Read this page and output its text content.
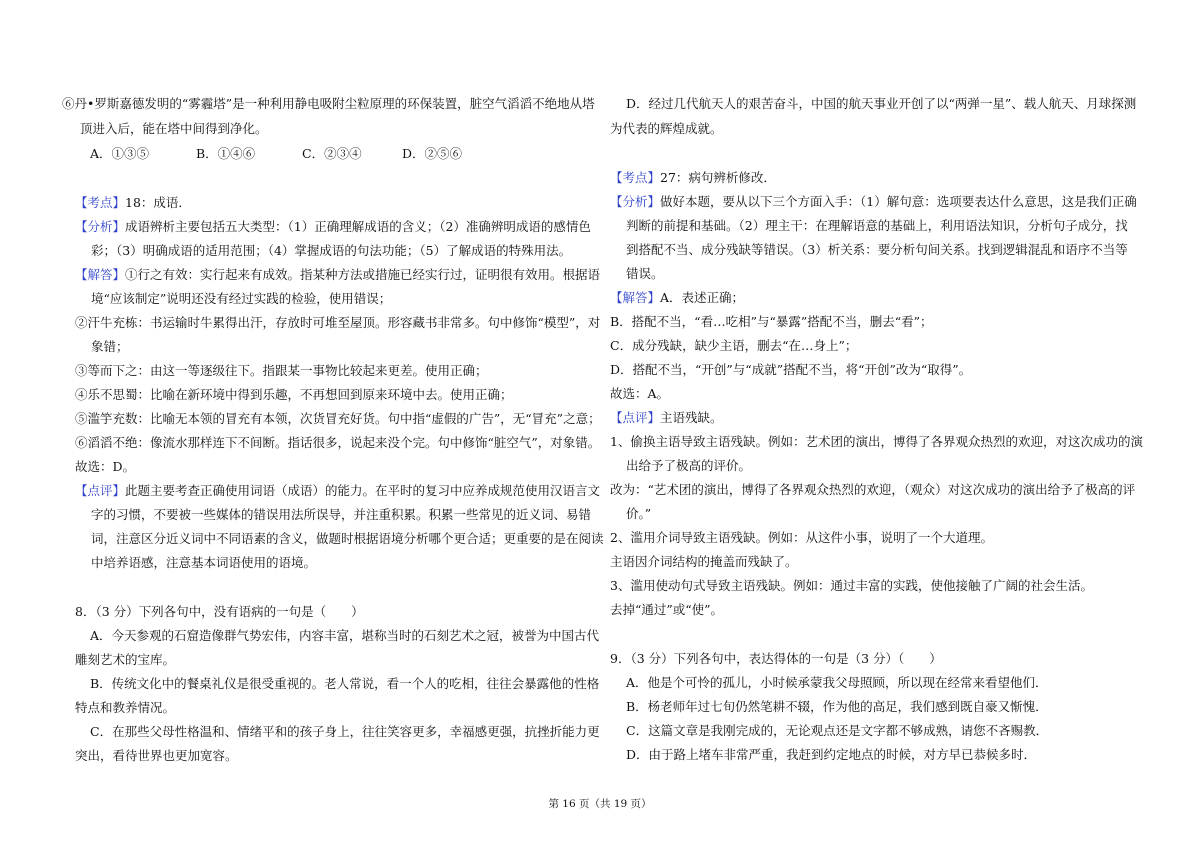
⑥丹•罗斯嘉德发明的“雾霾塔”是一种利用静电吸附尘粒原理的环保装置，脏空气滔滔不绝地从塔
顶进入后，能在塔中间得到净化。
A．①③⑤	B．①④⑥	C．②③④	D．②⑤⑥
【考点】18：成语．
【分析】成语辨析主要包括五大类型：（1）正确理解成语的含义；（2）准确辨明成语的感情色
彩；（3）明确成语的适用范围；（4）掌握成语的句法功能；（5）了解成语的特殊用法。
【解答】①行之有效：实行起来有成效。指某种方法或措施已经实行过，证明很有效用。根据语
境“应该制定”说明还没有经过实践的检验，使用错误；
②汗牛充栋：书运输时牛累得出汗，存放时可堆至屋顶。形容藏书非常多。句中修饰“模型”，对
象错；
③等而下之：由这一等逐级往下。指跟某一事物比较起来更差。使用正确；
④乐不思蜀：比喻在新环境中得到乐趣，不再想回到原来环境中去。使用正确；
⑤滥竽充数：比喻无本领的冒充有本领，次货冒充好货。句中指“虚假的广告”，无“冒充”之意；
⑥滔滔不绝：像流水那样连下不间断。指话很多，说起来没个完。句中修饰“脏空气”，对象错。
故选：D。
【点评】此题主要考查正确使用词语（成语）的能力。在平时的复习中应养成规范使用汉语言文
字的习惯，不要被一些媒体的错误用法所误导，并注重积累。积累一些常见的近义词、易错
词，注意区分近义词中不同语素的含义，做题时根据语境分析哪个更合适；更重要的是在阅读
中培养语感，注意基本词语使用的语境。
8．（3 分）下列各句中，没有语病的一句是（　　）
A．今天参观的石窟造像群气势宏伟，内容丰富，堪称当时的石刻艺术之冠，被誉为中国古代
雕刻艺术的宝库。
B．传统文化中的餐桌礼仪是很受重视的。老人常说，看一个人的吃相，往往会暴露他的性格
特点和教养情况。
C．在那些父母性格温和、情绪平和的孩子身上，往往笑容更多，幸福感更强，抗挫折能力更
突出，看待世界也更加宽容。
D．经过几代航天人的艰苦奋斗，中国的航天事业开创了以“两弹一星”、载人航天、月球探测
为代表的辉煌成就。
【考点】27：病句辨析修改．
【分析】做好本题，要从以下三个方面入手：（1）解句意：选项要表达什么意思，这是我们正确
判断的前提和基础。（2）理主干：在理解语意的基础上，利用语法知识，分析句子成分，找
到搭配不当、成分残缺等错误。（3）析关系：要分析句间关系。找到逻辑混乱和语序不当等
错误。
【解答】A．表述正确；
B．搭配不当，“看…吃相”与“暴露”搭配不当，删去“看”；
C．成分残缺，缺少主语，删去“在…身上”；
D．搭配不当，“开创”与“成就”搭配不当，将“开创”改为“取得”。
故选：A。
【点评】主语残缺。
1、偷换主语导致主语残缺。例如：艺术团的演出，博得了各界观众热烈的欢迎，对这次成功的演
出给予了极高的评价。
改为：“艺术团的演出，博得了各界观众热烈的欢迎，（观众）对这次成功的演出给予了极高的评
价。”
2、滥用介词导致主语残缺。例如：从这件小事，说明了一个大道理。
主语因介词结构的掩盖而残缺了。
3、滥用使动句式导致主语残缺。例如：通过丰富的实践，使他接触了广阔的社会生活。
去掉“通过”或“使”。
9．（3 分）下列各句中，表达得体的一句是（3 分）（　　）
A．他是个可怜的孤儿，小时候承蒙我父母照顾，所以现在经常来看望他们．
B．杨老师年过七旬仍然笔耕不辍，作为他的高足，我们感到既自豪又惭愧．
C．这篇文章是我刚完成的，无论观点还是文字都不够成熟，请您不吝赐教．
D．由于路上堵车非常严重，我赶到约定地点的时候，对方早已恭候多时．
第 16 页（共 19 页）
